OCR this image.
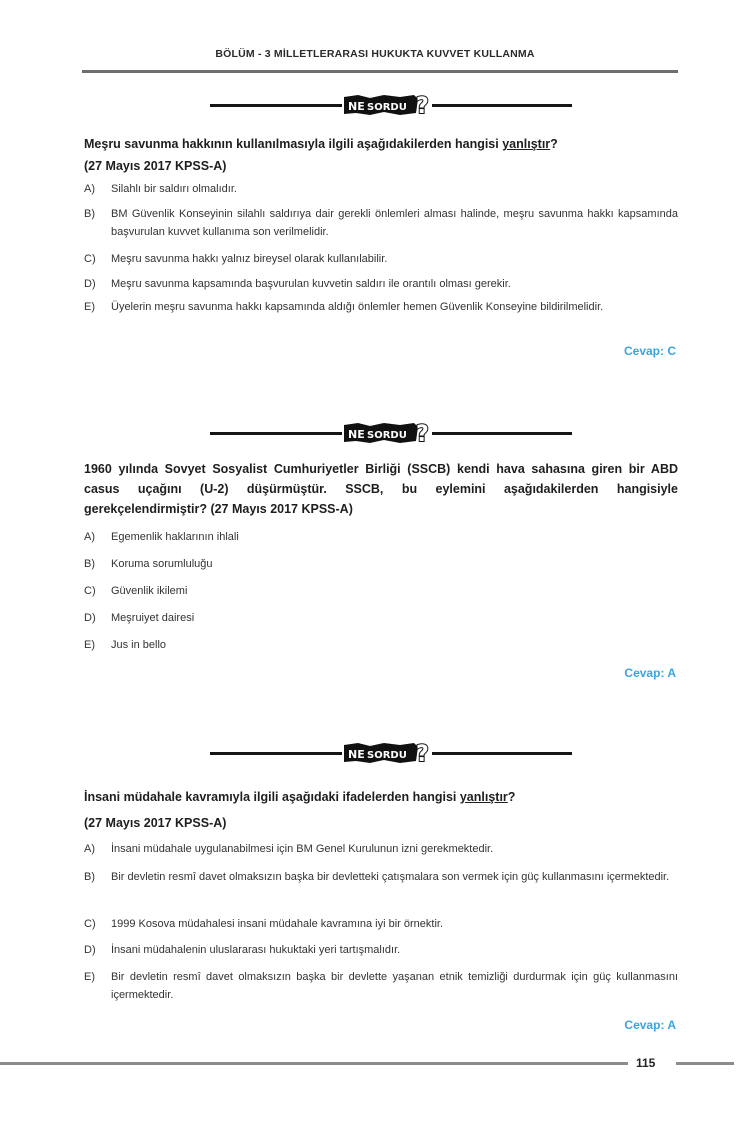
BÖLÜM - 3 MİLLETLERARASI HUKUKTA KUVVET KULLANMA
NE SORDU ?
Meşru savunma hakkının kullanılmasıyla ilgili aşağıdakilerden hangisi yanlıştır?
(27 Mayıs 2017 KPSS-A)
A)	Silahlı bir saldırı olmalıdır.
B)	BM Güvenlik Konseyinin silahlı saldırıya dair gerekli önlemleri alması halinde, meşru savunma hakkı kapsamında başvurulan kuvvet kullanıma son verilmelidir.
C)	Meşru savunma hakkı yalnız bireysel olarak kullanılabilir.
D)	Meşru savunma kapsamında başvurulan kuvvetin saldırı ile orantılı olması gerekir.
E)	Üyelerin meşru savunma hakkı kapsamında aldığı önlemler hemen Güvenlik Konseyine bildirilmelidir.
Cevap: C
NE SORDU ?
1960 yılında Sovyet Sosyalist Cumhuriyetler Birliği (SSCB) kendi hava sahasına giren bir ABD casus uçağını (U-2) düşürmüştür. SSCB, bu eylemini aşağıdakilerden hangisiyle gerekçelendirmiştir? (27 Mayıs 2017 KPSS-A)
A)	Egemenlik haklarının ihlali
B)	Koruma sorumluluğu
C)	Güvenlik ikilemi
D)	Meşruiyet dairesi
E)	Jus in bello
Cevap: A
NE SORDU ?
İnsani müdahale kavramıyla ilgili aşağıdaki ifadelerden hangisi yanlıştır?
(27 Mayıs 2017 KPSS-A)
A)	İnsani müdahale uygulanabilmesi için BM Genel Kurulunun izni gerekmektedir.
B)	Bir devletin resmî davet olmaksızın başka bir devletteki çatışmalara son vermek için güç kullanmasını içermektedir.
C)	1999 Kosova müdahalesi insani müdahale kavramına iyi bir örnektir.
D)	İnsani müdahalenin uluslararası hukuktaki yeri tartışmalıdır.
E)	Bir devletin resmî davet olmaksızın başka bir devlette yaşanan etnik temizliği durdurmak için güç kullanmasını içermektedir.
Cevap: A
115
